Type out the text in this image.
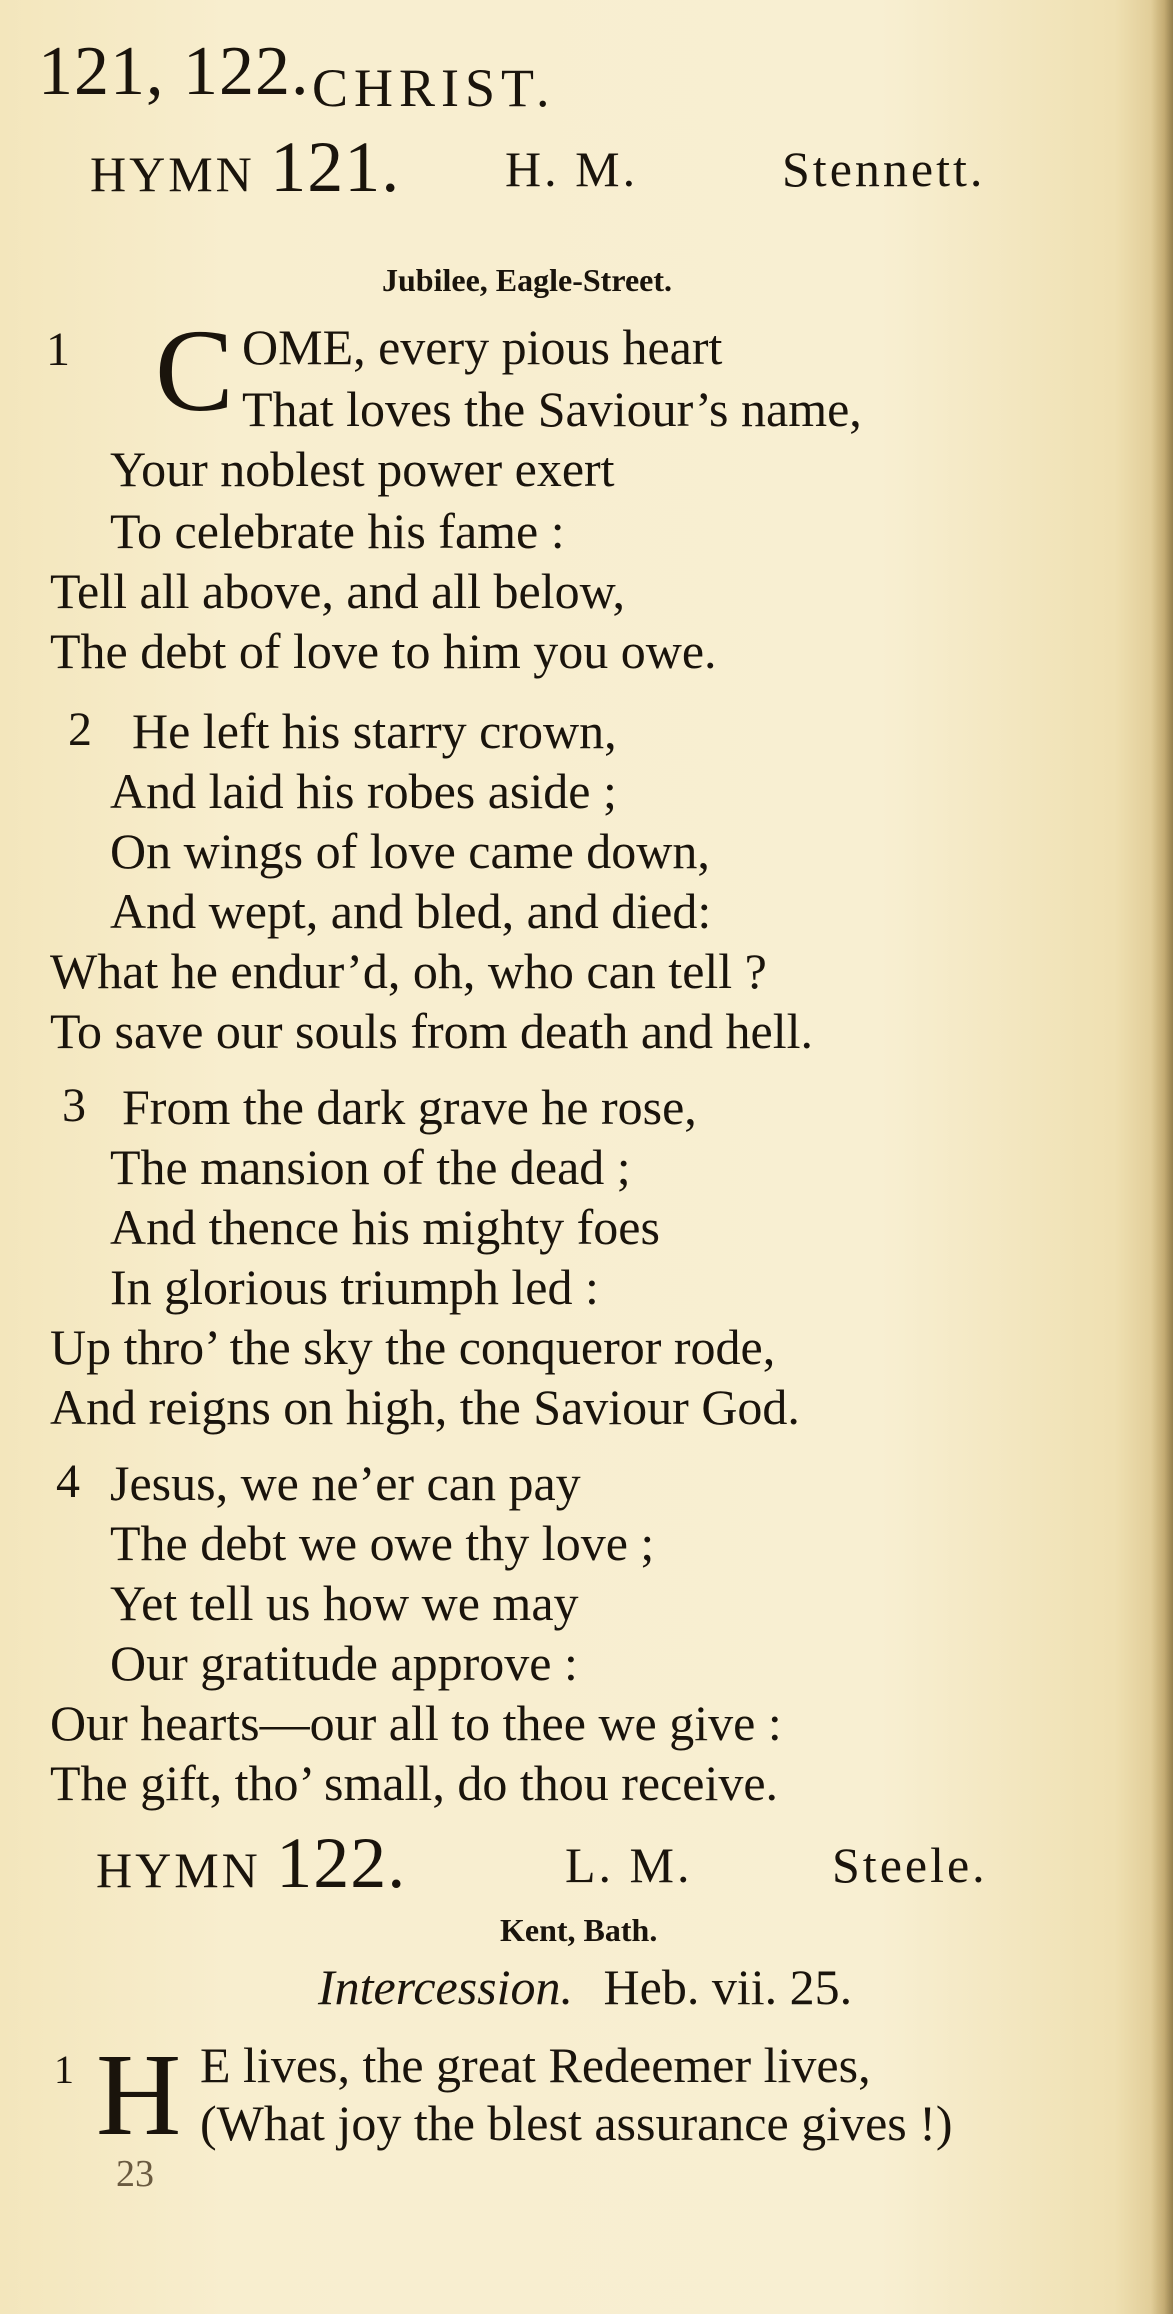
121, 122. CHRIST.
HYMN 121. H. M.	Stennett.
Jubilee, Eagle-Street.
1 C OME, every pious heart
That loves the Saviour’s name,
Your noblest power exert
To celebrate his fame :
Tell all above, and all below,
The debt of love to him you owe.
2 He left his starry crown,
And laid his robes aside ;
On wings of love came down,
And wept, and bled, and died:
What he endur’d, oh, who can tell ?
To save our souls from death and hell.
3 From the dark grave he rose,
The mansion of the dead ;
And thence his mighty foes
In glorious triumph led :
Up thro’ the sky the conqueror rode,
And reigns on high, the Saviour God.
4 Jesus, we ne’er can pay
The debt we owe thy love ;
Yet tell us how we may
Our gratitude approve :
Our hearts—our all to thee we give :
The gift, tho’ small, do thou receive.
HYMN 122.	L. M.	Steele.
Kent, Bath.
Intercession. Heb. vii. 25.
1 H E lives, the great Redeemer lives,
(What joy the blest assurance gives !)
23
